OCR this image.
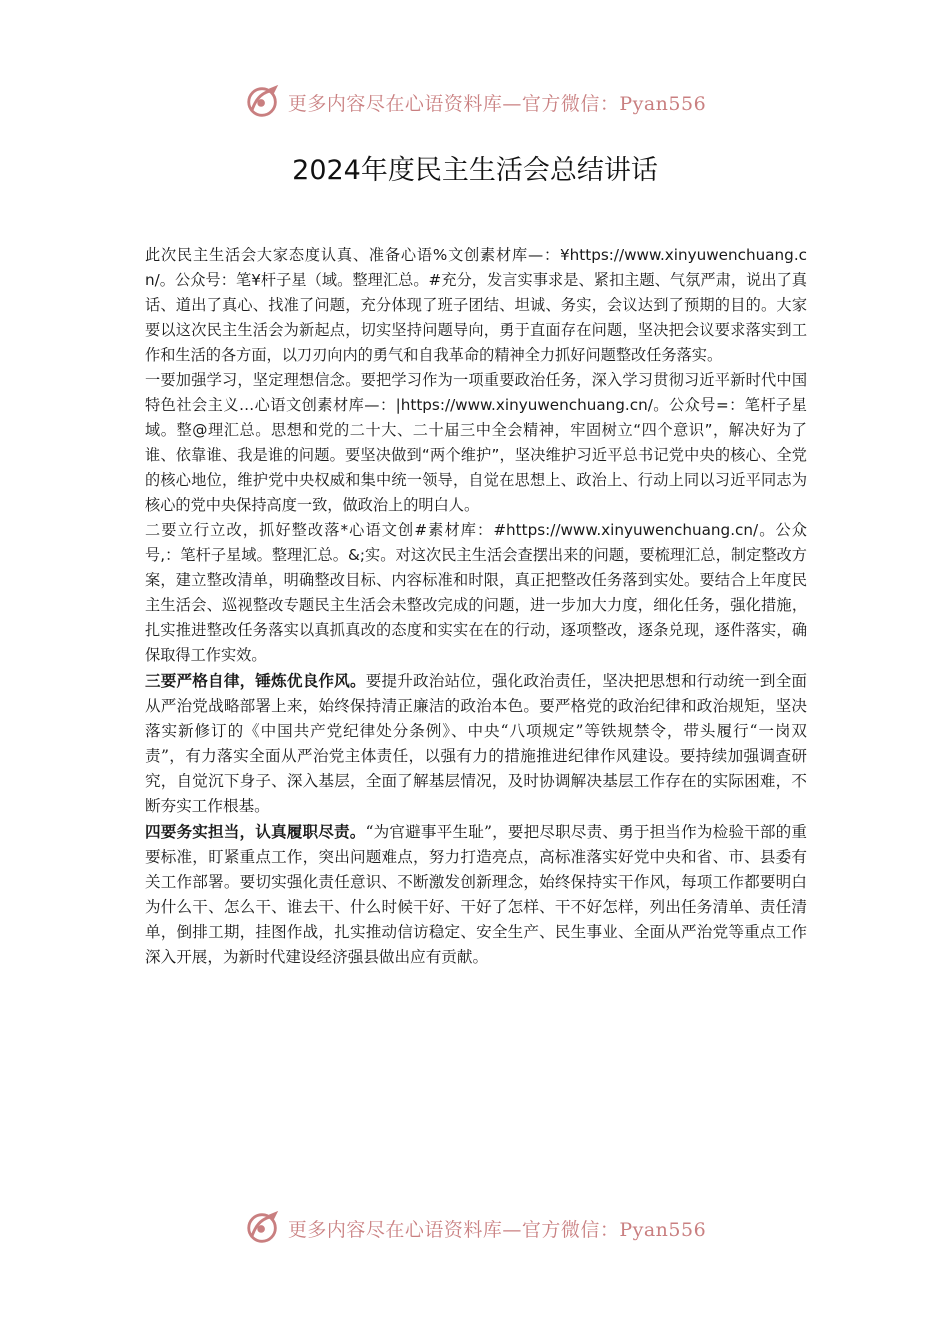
更多内容尽在心语资料库—官方微信：Pyan556
2024年度民主生活会总结讲话

此次民主生活会大家态度认真、准备心语%文创素材库—：¥https://www.xinyuwenchuang.cn/。公众号：笔¥杆子星（域。整理汇总。#充分，发言实事求是、紧扣主题、气氛严肃，说出了真话、道出了真心、找准了问题，充分体现了班子团结、坦诚、务实，会议达到了预期的目的。大家要以这次民主生活会为新起点，切实坚持问题导向，勇于直面存在问题，坚决把会议要求落实到工作和生活的各方面，以刀刃向内的勇气和自我革命的精神全力抓好问题整改任务落实。

一要加强学习，坚定理想信念。要把学习作为一项重要政治任务，深入学习贯彻习近平新时代中国特色社会主义…心语文创素材库—：|https://www.xinyuwenchuang.cn/。公众号=：笔杆子星域。整@理汇总。思想和党的二十大、二十届三中全会精神，牢固树立“四个意识”，解决好为了谁、依靠谁、我是谁的问题。要坚决做到“两个维护”，坚决维护习近平总书记党中央的核心、全党的核心地位，维护党中央权威和集中统一领导，自觉在思想上、政治上、行动上同以习近平同志为核心的党中央保持高度一致，做政治上的明白人。

二要立行立改，抓好整改落*心语文创#素材库：#https://www.xinyuwenchuang.cn/。公众号,：笔杆子星域。整理汇总。&;实。对这次民主生活会查摆出来的问题，要梳理汇总，制定整改方案，建立整改清单，明确整改目标、内容标准和时限，真正把整改任务落到实处。要结合上年度民主生活会、巡视整改专题民主生活会未整改完成的问题，进一步加大力度，细化任务，强化措施，扎实推进整改任务落实以真抓真改的态度和实实在在的行动，逐项整改，逐条兑现，逐件落实，确保取得工作实效。

三要严格自律，锤炼优良作风。要提升政治站位，强化政治责任，坚决把思想和行动统一到全面从严治党战略部署上来，始终保持清正廉洁的政治本色。要严格党的政治纪律和政治规矩，坚决落实新修订的《中国共产党纪律处分条例》、中央“八项规定”等铁规禁令，带头履行“一岗双责”，有力落实全面从严治党主体责任，以强有力的措施推进纪律作风建设。要持续加强调查研究，自觉沉下身子、深入基层，全面了解基层情况，及时协调解决基层工作存在的实际困难，不断夯实工作根基。

四要务实担当，认真履职尽责。“为官避事平生耻”，要把尽职尽责、勇于担当作为检验干部的重要标准，盯紧重点工作，突出问题难点，努力打造亮点，高标准落实好党中央和省、市、县委有关工作部署。要切实强化责任意识、不断激发创新理念，始终保持实干作风，每项工作都要明白为什么干、怎么干、谁去干、什么时候干好、干好了怎样、干不好怎样，列出任务清单、责任清单，倒排工期，挂图作战，扎实推动信访稳定、安全生产、民生事业、全面从严治党等重点工作深入开展，为新时代建设经济强县做出应有贡献。

更多内容尽在心语资料库—官方微信：Pyan556
